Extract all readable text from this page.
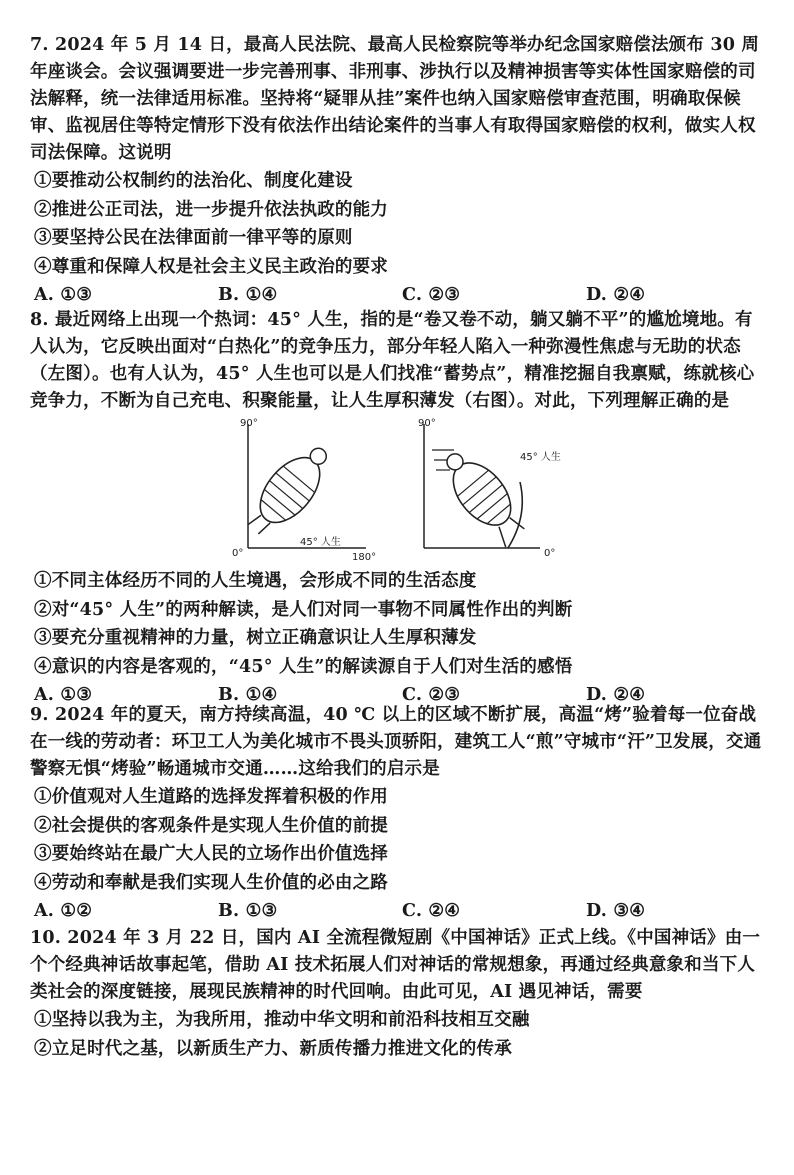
7. 2024 年 5 月 14 日，最高人民法院、最高人民检察院等举办纪念国家赔偿法颁布 30 周年座谈会。会议强调要进一步完善刑事、非刑事、涉执行以及精神损害等实体性国家赔偿的司法解释，统一法律适用标准。坚持将“疑罪从挂”案件也纳入国家赔偿审查范围，明确取保候审、监视居住等特定情形下没有依法作出结论案件的当事人有取得国家赔偿的权利，做实人权司法保障。这说明

①要推动公权制约的法治化、制度化建设
②推进公正司法，进一步提升依法执政的能力
③要坚持公民在法律面前一律平等的原则
④尊重和保障人权是社会主义民主政治的要求
A. ①③	B. ①④	C. ②③	D. ②④

8. 最近网络上出现一个热词：45° 人生，指的是“卷又卷不动，躺又躺不平”的尴尬境地。有人认为，它反映出面对“白热化”的竞争压力，部分年轻人陷入一种弥漫性焦虑与无助的状态（左图）。也有人认为，45° 人生也可以是人们找准“蓄势点”，精准挖掘自我禀赋，练就核心竞争力，不断为自己充电、积聚能量，让人生厚积薄发（右图）。对此，下列理解正确的是

①不同主体经历不同的人生境遇，会形成不同的生活态度
②对“45° 人生”的两种解读，是人们对同一事物不同属性作出的判断
③要充分重视精神的力量，树立正确意识让人生厚积薄发
④意识的内容是客观的，“45° 人生”的解读源自于人们对生活的感悟
A. ①③	B. ①④	C. ②③	D. ②④
90°
0°
45° 人生
180°
90°
45° 人生
0°

9. 2024 年的夏天，南方持续高温，40 ℃ 以上的区域不断扩展，高温“烤”验着每一位奋战在一线的劳动者：环卫工人为美化城市不畏头顶骄阳，建筑工人“煎”守城市“汗”卫发展，交通警察无惧“烤验”畅通城市交通……这给我们的启示是

①价值观对人生道路的选择发挥着积极的作用
②社会提供的客观条件是实现人生价值的前提
③要始终站在最广大人民的立场作出价值选择
④劳动和奉献是我们实现人生价值的必由之路
A. ①②	B. ①③	C. ②④	D. ③④

10. 2024 年 3 月 22 日，国内 AI 全流程微短剧《中国神话》正式上线。《中国神话》由一个个经典神话故事起笔，借助 AI 技术拓展人们对神话的常规想象，再通过经典意象和当下人类社会的深度链接，展现民族精神的时代回响。由此可见，AI 遇见神话，需要

①坚持以我为主，为我所用，推动中华文明和前沿科技相互交融
②立足时代之基，以新质生产力、新质传播力推进文化的传承
